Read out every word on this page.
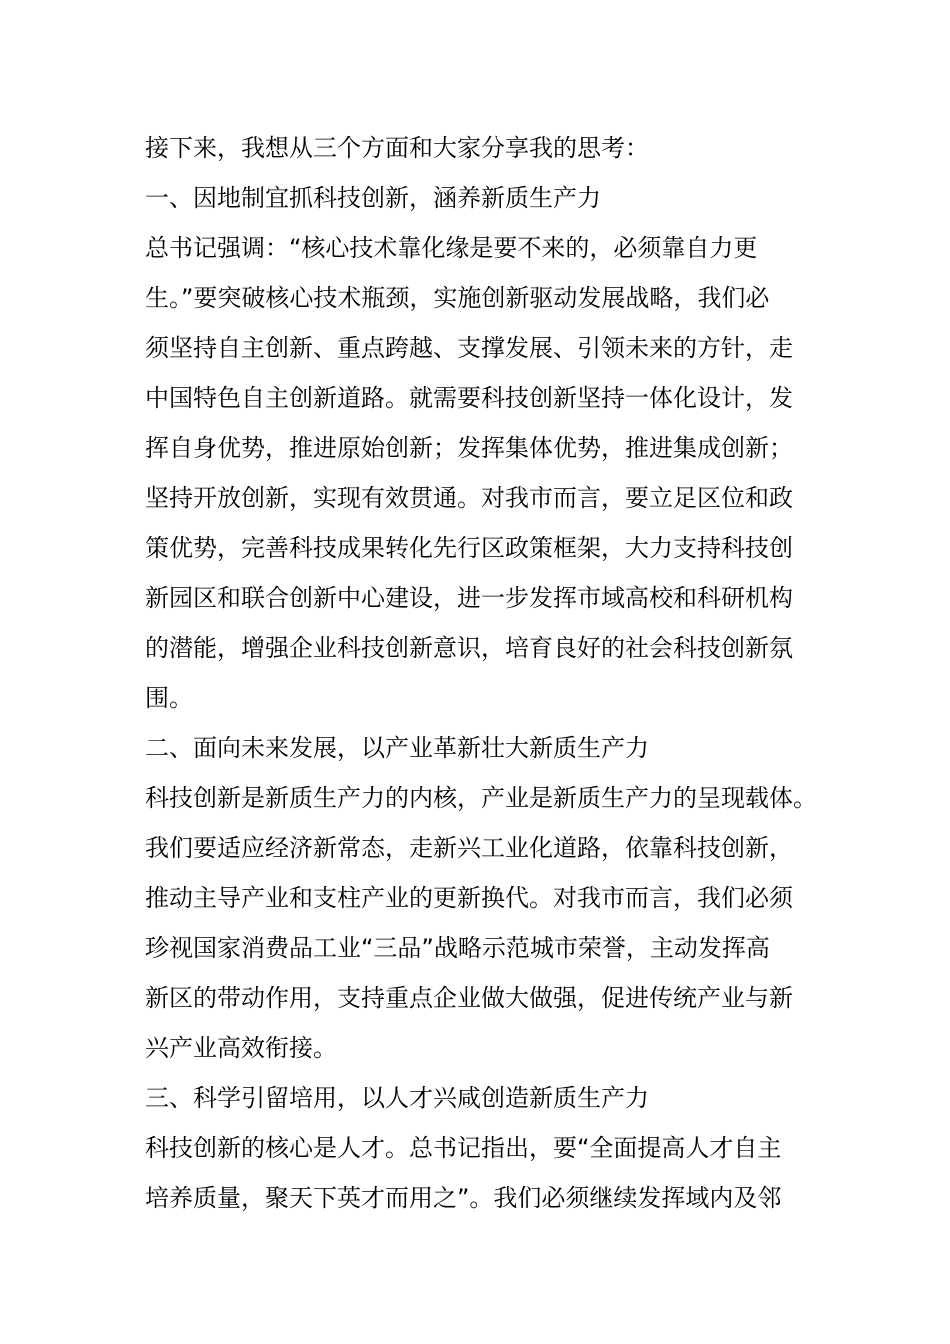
接下来，我想从三个方面和大家分享我的思考：

一、因地制宜抓科技创新，涵养新质生产力

总书记强调：“核心技术靠化缘是要不来的，必须靠自力更

生。”要突破核心技术瓶颈，实施创新驱动发展战略，我们必

须坚持自主创新、重点跨越、支撑发展、引领未来的方针，走

中国特色自主创新道路。就需要科技创新坚持一体化设计，发

挥自身优势，推进原始创新；发挥集体优势，推进集成创新；

坚持开放创新，实现有效贯通。对我市而言，要立足区位和政

策优势，完善科技成果转化先行区政策框架，大力支持科技创

新园区和联合创新中心建设，进一步发挥市域高校和科研机构

的潜能，增强企业科技创新意识，培育良好的社会科技创新氛

围。

二、面向未来发展，以产业革新壮大新质生产力

科技创新是新质生产力的内核，产业是新质生产力的呈现载体。

我们要适应经济新常态，走新兴工业化道路，依靠科技创新，

推动主导产业和支柱产业的更新换代。对我市而言，我们必须

珍视国家消费品工业“三品”战略示范城市荣誉，主动发挥高

新区的带动作用，支持重点企业做大做强，促进传统产业与新

兴产业高效衔接。

三、科学引留培用，以人才兴咸创造新质生产力

科技创新的核心是人才。总书记指出，要“全面提高人才自主

培养质量，聚天下英才而用之”。我们必须继续发挥域内及邻
